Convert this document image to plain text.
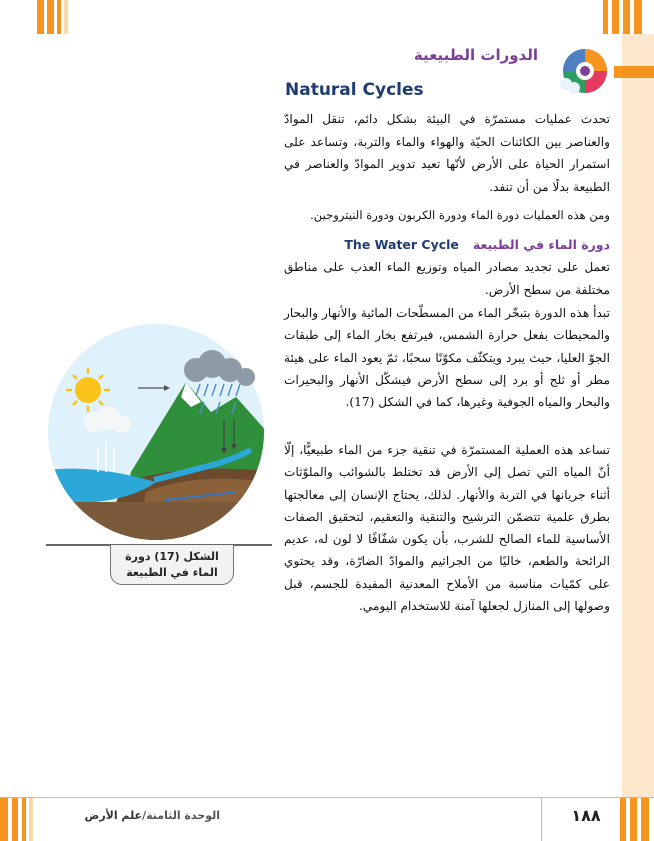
الدورات الطبيعية
Natural Cycles
تحدث عمليات مستمرّة في البيئة بشكل دائم، تنقل الموادّ والعناصر بين الكائنات الحيّة والهواء والماء والتربة، وتساعد على استمرار الحياة على الأرض لأنّها تعيد تدوير الموادّ والعناصر في الطبيعة بدلًا من أن تنفد.
ومن هذه العمليات دورة الماء ودورة الكربون ودورة النيتروجين.
The Water Cycle دورة الماء في الطبيعة
تعمل على تجديد مصادر المياه وتوزيع الماء العذب على مناطق مختلفة من سطح الأرض.
تبدأ هذه الدورة بتبخّر الماء من المسطّحات المائية والأنهار والبحار والمحيطات بفعل حرارة الشمس، فيرتفع بخار الماء إلى طبقات الجوّ العليا، حيث يبرد ويتكثّف مكوّنًا سحبًا، ثمّ يعود الماء على هيئة مطر أو ثلج أو برد إلى سطح الأرض فيشكّل الأنهار والبحيرات والبحار والمياه الجوفية وغيرها، كما في الشكل (17).
تساعد هذه العملية المستمرّة في تنقية جزء من الماء طبيعيًّا، إلّا أنّ المياه التي تصل إلى الأرض قد تختلط بالشوائب والملوّثات أثناء جريانها في التربة والأنهار. لذلك، يحتاج الإنسان إلى معالجتها بطرق علمية تتضمّن الترشيح والتنقية والتعقيم، لتحقيق الصفات الأساسية للماء الصالح للشرب، بأن يكون شفّافًا لا لون له، عديم الرائحة والطعم، خاليًا من الجراثيم والموادّ الضارّة، وقد يحتوي على كمّيات مناسبة من الأملاح المعدنية المفيدة للجسم، قبل وصولها إلى المنازل لجعلها آمنة للاستخدام اليومي.
الشكل (17) دورة الماء في الطبيعة
الوحدة الثامنة/علم الأرض	١٨٨
